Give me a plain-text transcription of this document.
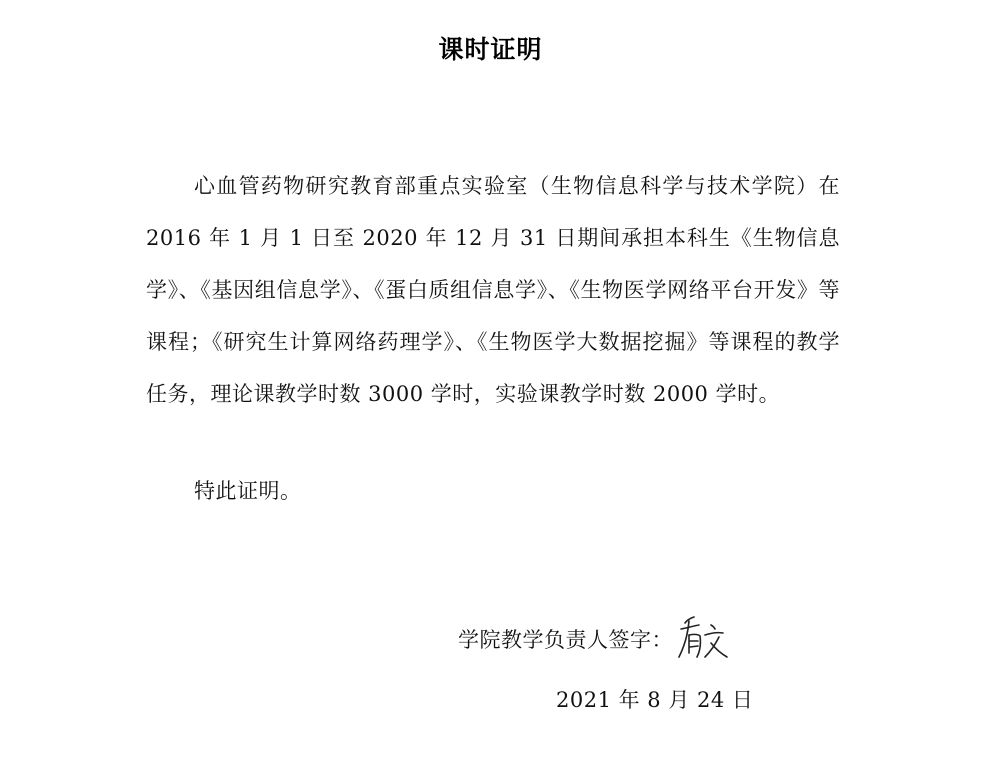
课时证明

心血管药物研究教育部重点实验室（生物信息科学与技术学院）在 2016 年 1 月 1 日至 2020 年 12 月 31 日期间承担本科生《生物信息学》、《基因组信息学》、《蛋白质组信息学》、《生物医学网络平台开发》等课程；《研究生计算网络药理学》、《生物医学大数据挖掘》等课程的教学任务，理论课教学时数 3000 学时，实验课教学时数 2000 学时。

特此证明。

学院教学负责人签字：
2021 年 8 月 24 日
